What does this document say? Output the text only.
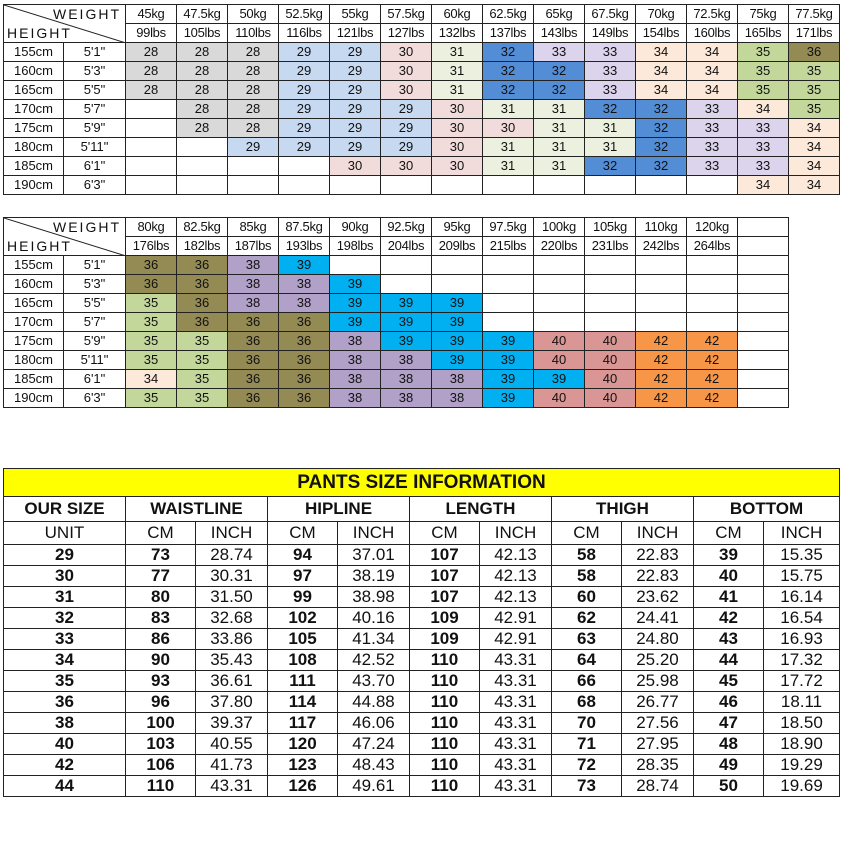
WEIGHT
HEIGHT		45kg	47.5kg	50kg	52.5kg	55kg	57.5kg	60kg	62.5kg	65kg	67.5kg	70kg	72.5kg	75kg	77.5kg
		99lbs	105lbs	110lbs	116lbs	121lbs	127lbs	132lbs	137lbs	143lbs	149lbs	154lbs	160lbs	165lbs	171lbs
155cm	5'1"	28	28	28	29	29	30	31	32	33	33	34	34	35	36
160cm	5'3"	28	28	28	29	29	30	31	32	32	33	34	34	35	35
165cm	5'5"	28	28	28	29	29	30	31	32	32	33	34	34	35	35
170cm	5'7"		28	28	29	29	29	30	31	31	32	32	33	34	35
175cm	5'9"		28	28	29	29	29	30	30	31	31	32	33	33	34
180cm	5'11"			29	29	29	29	30	31	31	31	32	33	33	34
185cm	6'1"					30	30	30	31	31	32	32	33	33	34
190cm	6'3"													34	34
WEIGHT
HEIGHT		80kg	82.5kg	85kg	87.5kg	90kg	92.5kg	95kg	97.5kg	100kg	105kg	110kg	120kg	
		176lbs	182lbs	187lbs	193lbs	198lbs	204lbs	209lbs	215lbs	220lbs	231lbs	242lbs	264lbs	
155cm	5'1"	36	36	38	39									
160cm	5'3"	36	36	38	38	39								
165cm	5'5"	35	36	38	38	39	39	39						
170cm	5'7"	35	36	36	36	39	39	39						
175cm	5'9"	35	35	36	36	38	39	39	39	40	40	42	42	
180cm	5'11"	35	35	36	36	38	38	39	39	40	40	42	42	
185cm	6'1"	34	35	36	36	38	38	38	39	39	40	42	42	
190cm	6'3"	35	35	36	36	38	38	38	39	40	40	42	42	
PANTS SIZE INFORMATION										
OUR SIZE	WAISTLINE		HIPLINE		LENGTH		THIGH		BOTTOM	
UNIT	CM	INCH	CM	INCH	CM	INCH	CM	INCH	CM	INCH
29	73	28.74	94	37.01	107	42.13	58	22.83	39	15.35
30	77	30.31	97	38.19	107	42.13	58	22.83	40	15.75
31	80	31.50	99	38.98	107	42.13	60	23.62	41	16.14
32	83	32.68	102	40.16	109	42.91	62	24.41	42	16.54
33	86	33.86	105	41.34	109	42.91	63	24.80	43	16.93
34	90	35.43	108	42.52	110	43.31	64	25.20	44	17.32
35	93	36.61	111	43.70	110	43.31	66	25.98	45	17.72
36	96	37.80	114	44.88	110	43.31	68	26.77	46	18.11
38	100	39.37	117	46.06	110	43.31	70	27.56	47	18.50
40	103	40.55	120	47.24	110	43.31	71	27.95	48	18.90
42	106	41.73	123	48.43	110	43.31	72	28.35	49	19.29
44	110	43.31	126	49.61	110	43.31	73	28.74	50	19.69
